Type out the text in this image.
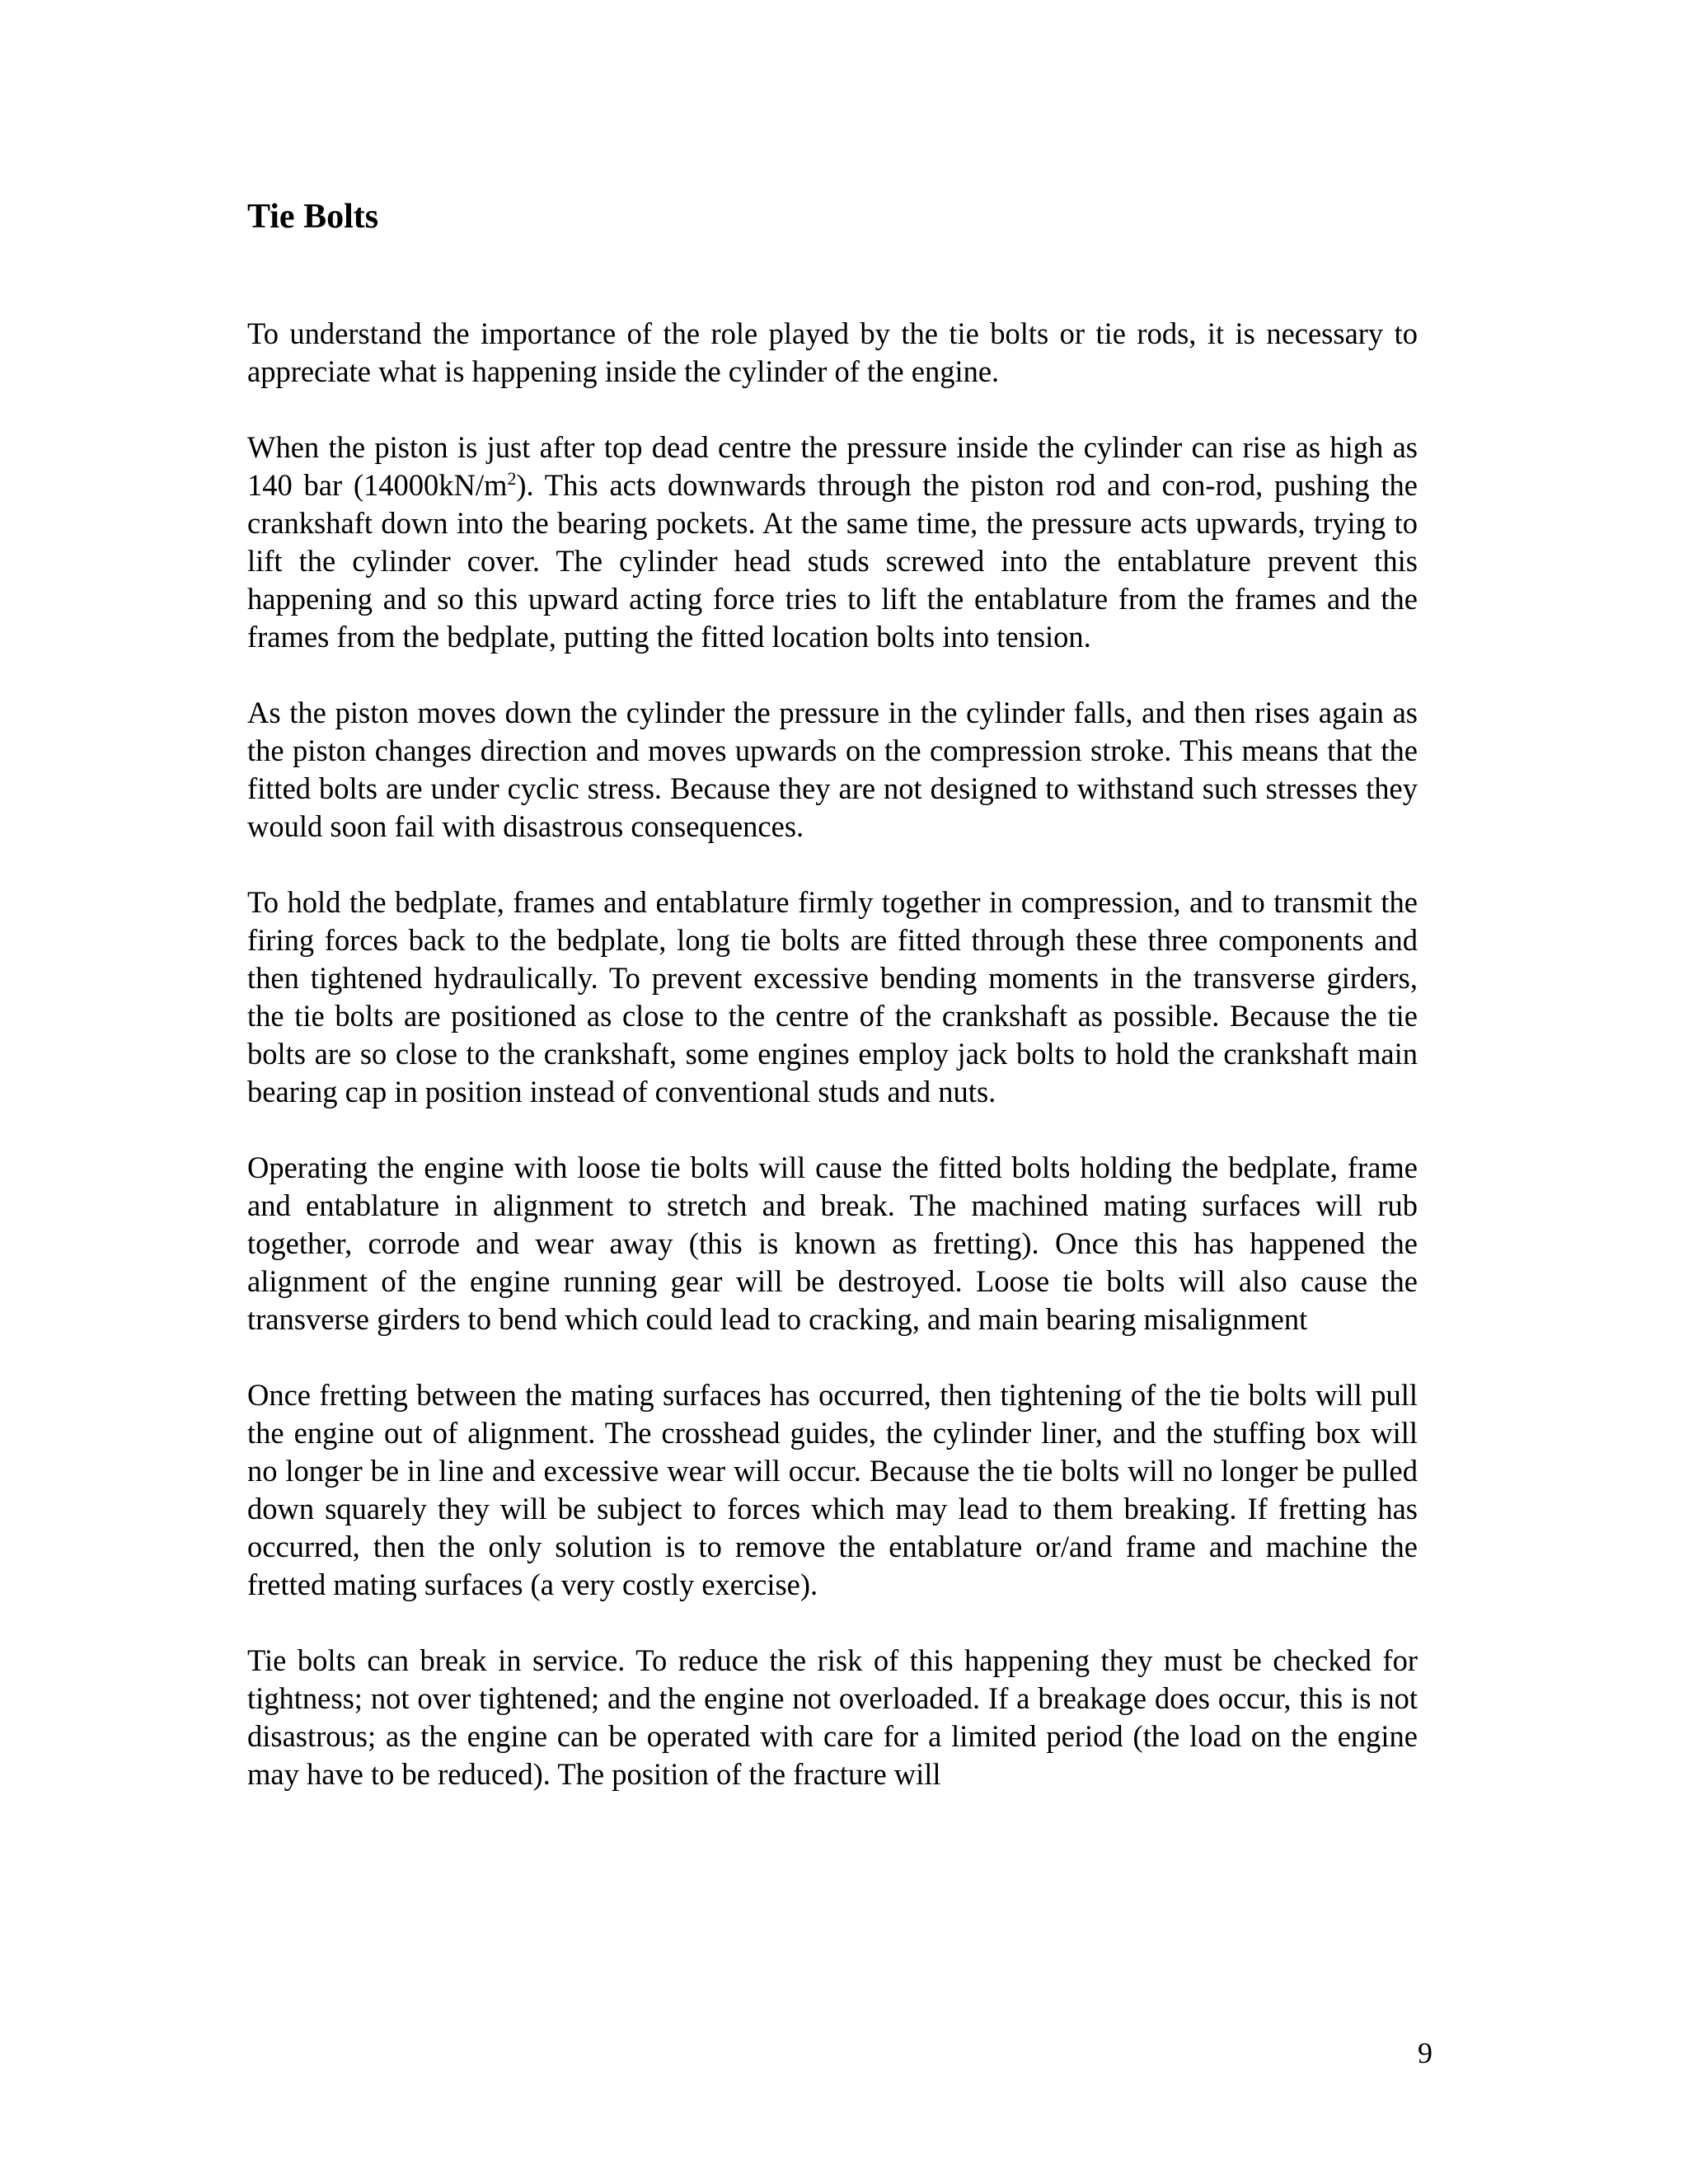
Tie Bolts

To understand the importance of the role played by the tie bolts or tie rods, it is necessary to appreciate what is happening inside the cylinder of the engine.

When the piston is just after top dead centre the pressure inside the cylinder can rise as high as 140 bar $(14000kN/m^2)$. This acts downwards through the piston rod and con-rod, pushing the crankshaft down into the bearing pockets. At the same time, the pressure acts upwards, trying to lift the cylinder cover. The cylinder head studs screwed into the entablature prevent this happening and so this upward acting force tries to lift the entablature from the frames and the frames from the bedplate, putting the fitted location bolts into tension.

As the piston moves down the cylinder the pressure in the cylinder falls, and then rises again as the piston changes direction and moves upwards on the compression stroke. This means that the fitted bolts are under cyclic stress. Because they are not designed to withstand such stresses they would soon fail with disastrous consequences.

To hold the bedplate, frames and entablature firmly together in compression, and to transmit the firing forces back to the bedplate, long tie bolts are fitted through these three components and then tightened hydraulically. To prevent excessive bending moments in the transverse girders, the tie bolts are positioned as close to the centre of the crankshaft as possible. Because the tie bolts are so close to the crankshaft, some engines employ jack bolts to hold the crankshaft main bearing cap in position instead of conventional studs and nuts.

Operating the engine with loose tie bolts will cause the fitted bolts holding the bedplate, frame and entablature in alignment to stretch and break. The machined mating surfaces will rub together, corrode and wear away (this is known as fretting). Once this has happened the alignment of the engine running gear will be destroyed. Loose tie bolts will also cause the transverse girders to bend which could lead to cracking, and main bearing misalignment

Once fretting between the mating surfaces has occurred, then tightening of the tie bolts will pull the engine out of alignment. The crosshead guides, the cylinder liner, and the stuffing box will no longer be in line and excessive wear will occur. Because the tie bolts will no longer be pulled down squarely they will be subject to forces which may lead to them breaking. If fretting has occurred, then the only solution is to remove the entablature or/and frame and machine the fretted mating surfaces (a very costly exercise).

Tie bolts can break in service. To reduce the risk of this happening they must be checked for tightness; not over tightened; and the engine not overloaded. If a breakage does occur, this is not disastrous; as the engine can be operated with care for a limited period (the load on the engine may have to be reduced). The position of the fracture will

9
